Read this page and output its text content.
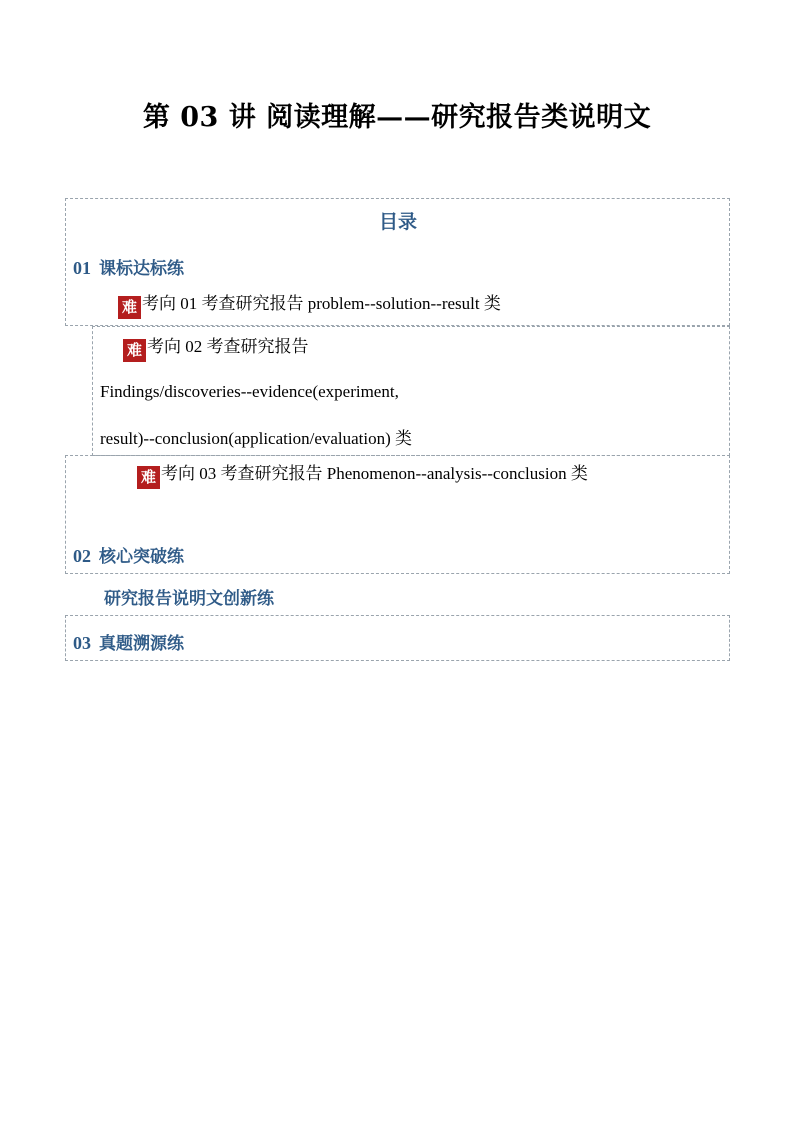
第 03 讲 阅读理解——研究报告类说明文
目录
01 课标达标练
难 考向 01 考查研究报告 problem--solution--result 类
难 考向 02 考查研究报告
Findings/discoveries--evidence(experiment,
result)--conclusion(application/evaluation) 类
难 考向 03 考查研究报告 Phenomenon--analysis--conclusion 类
02 核心突破练
研究报告说明文创新练
03 真题溯源练
